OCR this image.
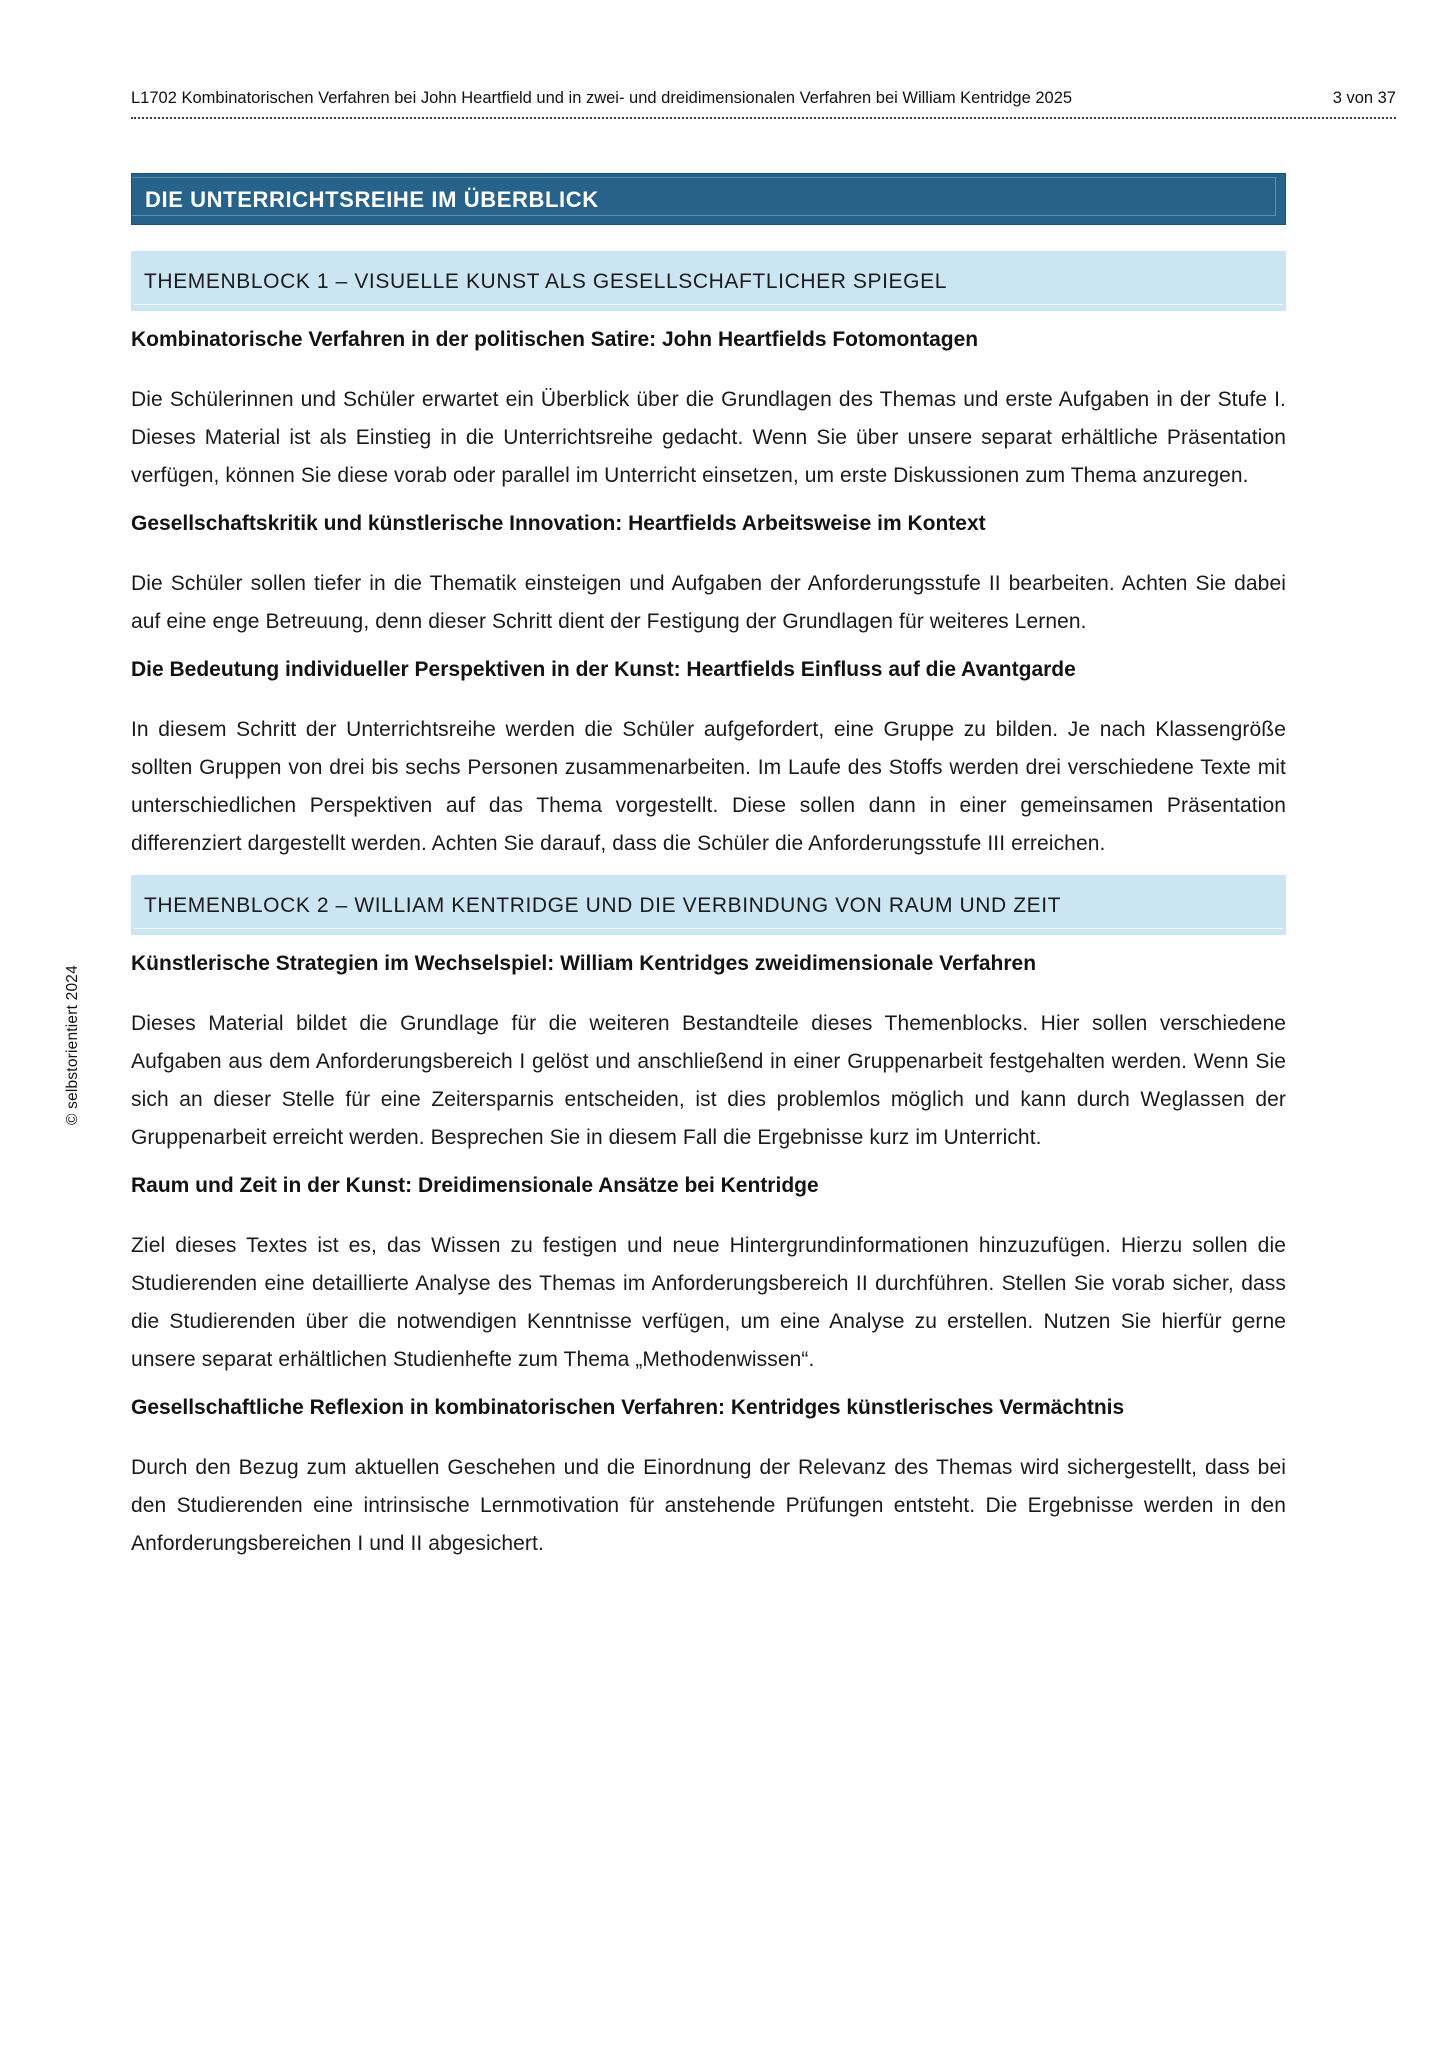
L1702 Kombinatorischen Verfahren bei John Heartfield und in zwei- und dreidimensionalen Verfahren bei William Kentridge 2025	3 von 37
DIE UNTERRICHTSREIHE IM ÜBERBLICK
THEMENBLOCK 1 – VISUELLE KUNST ALS GESELLSCHAFTLICHER SPIEGEL
Kombinatorische Verfahren in der politischen Satire: John Heartfields Fotomontagen

Die Schülerinnen und Schüler erwartet ein Überblick über die Grundlagen des Themas und erste Aufgaben in der Stufe I. Dieses Material ist als Einstieg in die Unterrichtsreihe gedacht. Wenn Sie über unsere separat erhältliche Präsentation verfügen, können Sie diese vorab oder parallel im Unterricht einsetzen, um erste Diskussionen zum Thema anzuregen.

Gesellschaftskritik und künstlerische Innovation: Heartfields Arbeitsweise im Kontext

Die Schüler sollen tiefer in die Thematik einsteigen und Aufgaben der Anforderungsstufe II bearbeiten. Achten Sie dabei auf eine enge Betreuung, denn dieser Schritt dient der Festigung der Grundlagen für weiteres Lernen.

Die Bedeutung individueller Perspektiven in der Kunst: Heartfields Einfluss auf die Avantgarde

In diesem Schritt der Unterrichtsreihe werden die Schüler aufgefordert, eine Gruppe zu bilden. Je nach Klassengröße sollten Gruppen von drei bis sechs Personen zusammenarbeiten. Im Laufe des Stoffs werden drei verschiedene Texte mit unterschiedlichen Perspektiven auf das Thema vorgestellt. Diese sollen dann in einer gemeinsamen Präsentation differenziert dargestellt werden. Achten Sie darauf, dass die Schüler die Anforderungsstufe III erreichen.

THEMENBLOCK 2 – WILLIAM KENTRIDGE UND DIE VERBINDUNG VON RAUM UND ZEIT
Künstlerische Strategien im Wechselspiel: William Kentridges zweidimensionale Verfahren

Dieses Material bildet die Grundlage für die weiteren Bestandteile dieses Themenblocks. Hier sollen verschiedene Aufgaben aus dem Anforderungsbereich I gelöst und anschließend in einer Gruppenarbeit festgehalten werden. Wenn Sie sich an dieser Stelle für eine Zeitersparnis entscheiden, ist dies problemlos möglich und kann durch Weglassen der Gruppenarbeit erreicht werden. Besprechen Sie in diesem Fall die Ergebnisse kurz im Unterricht.

Raum und Zeit in der Kunst: Dreidimensionale Ansätze bei Kentridge

Ziel dieses Textes ist es, das Wissen zu festigen und neue Hintergrundinformationen hinzuzufügen. Hierzu sollen die Studierenden eine detaillierte Analyse des Themas im Anforderungsbereich II durchführen. Stellen Sie vorab sicher, dass die Studierenden über die notwendigen Kenntnisse verfügen, um eine Analyse zu erstellen. Nutzen Sie hierfür gerne unsere separat erhältlichen Studienhefte zum Thema „Methodenwissen“.

Gesellschaftliche Reflexion in kombinatorischen Verfahren: Kentridges künstlerisches Vermächtnis

Durch den Bezug zum aktuellen Geschehen und die Einordnung der Relevanz des Themas wird sichergestellt, dass bei den Studierenden eine intrinsische Lernmotivation für anstehende Prüfungen entsteht. Die Ergebnisse werden in den Anforderungsbereichen I und II abgesichert.

© selbstorientiert 2024
